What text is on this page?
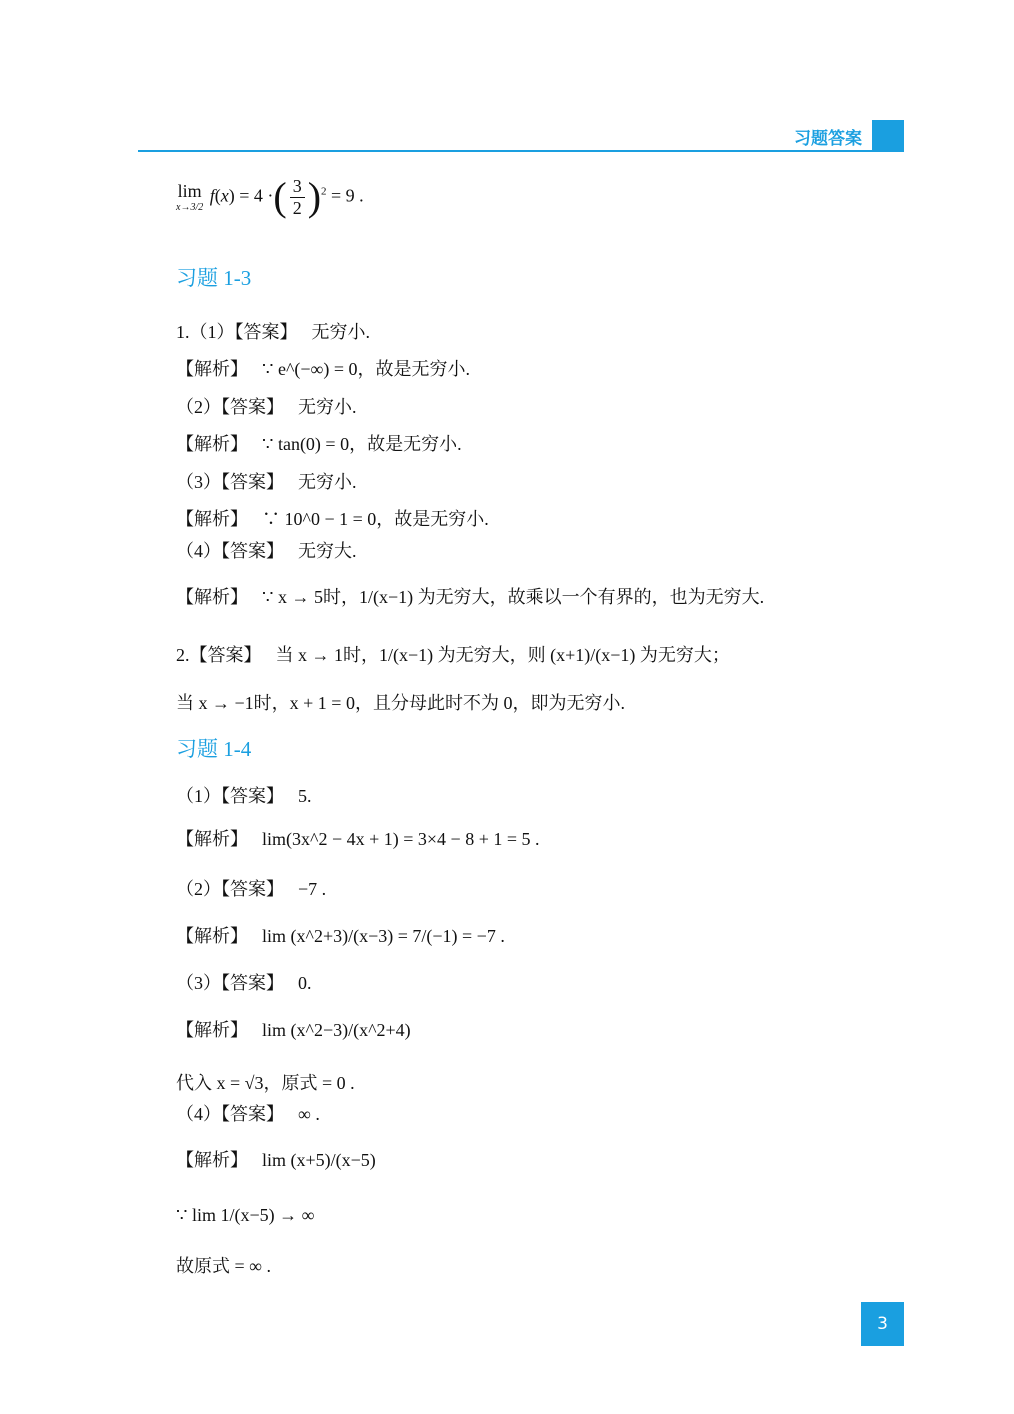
习题答案
lim
x→3/2
f(x) = 4 ·( $\frac{3}{2} )^2 = 9$ .
习题 1-3
1.（1）【答案】 无穷小.
【解析】 ∵ e^(−∞) = 0，故是无穷小.
（2）【答案】 无穷小.
【解析】 ∵ tan(0) = 0，故是无穷小.
（3）【答案】 无穷小.
【解析】 ∵ 10^0 − 1 = 0，故是无穷小.
（4）【答案】 无穷大.
【解析】 ∵ x → 5时，1/(x−1) 为无穷大，故乘以一个有界的，也为无穷大.
2.【答案】 当 x → 1时，1/(x−1) 为无穷大，则 (x+1)/(x−1) 为无穷大；
当 x → −1时，x + 1 = 0，且分母此时不为 0，即为无穷小.
习题 1-4
（1）【答案】 5.
【解析】 lim(3x^2 − 4x + 1) = 3×4 − 8 + 1 = 5 .
（2）【答案】 −7 .
【解析】 lim (x^2+3)/(x−3) = 7/(−1) = −7 .
（3）【答案】 0.
【解析】 lim (x^2−3)/(x^2+4)
代入 x = √3，原式 = 0 .
（4）【答案】 ∞ .
【解析】 lim (x+5)/(x−5)
∵ lim 1/(x−5) → ∞
故原式 = ∞ .
3
